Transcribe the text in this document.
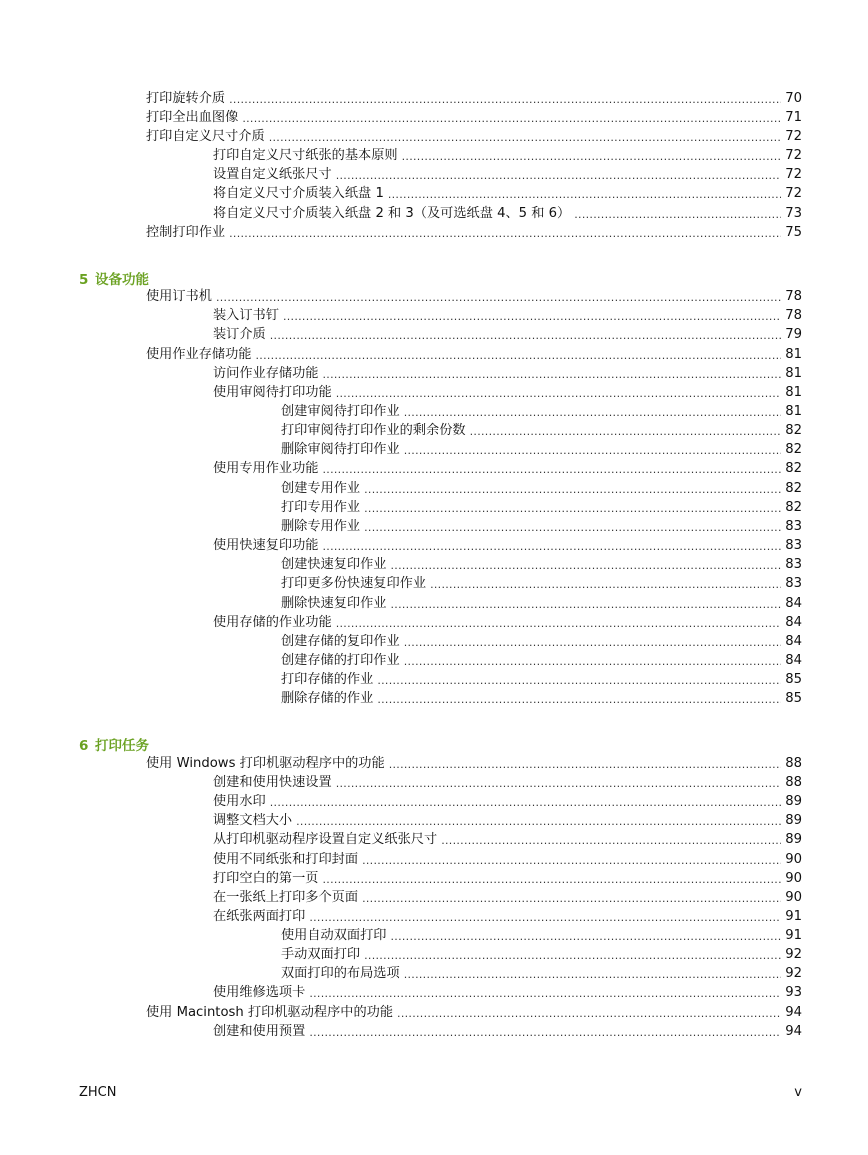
打印旋转介质 .....	70
打印全出血图像 .....	71
打印自定义尺寸介质 .....	72
打印自定义尺寸纸张的基本原则 .....	72
设置自定义纸张尺寸 .....	72
将自定义尺寸介质装入纸盘 1 .....	72
将自定义尺寸介质装入纸盘 2 和 3（及可选纸盘 4、5 和 6） .....	73
控制打印作业 .....	75
5 设备功能
使用订书机 .....	78
装入订书钉 .....	78
装订介质 .....	79
使用作业存储功能 .....	81
访问作业存储功能 .....	81
使用审阅待打印功能 .....	81
创建审阅待打印作业 .....	81
打印审阅待打印作业的剩余份数 .....	82
删除审阅待打印作业 .....	82
使用专用作业功能 .....	82
创建专用作业 .....	82
打印专用作业 .....	82
删除专用作业 .....	83
使用快速复印功能 .....	83
创建快速复印作业 .....	83
打印更多份快速复印作业 .....	83
删除快速复印作业 .....	84
使用存储的作业功能 .....	84
创建存储的复印作业 .....	84
创建存储的打印作业 .....	84
打印存储的作业 .....	85
删除存储的作业 .....	85
6 打印任务
使用 Windows 打印机驱动程序中的功能 .....	88
创建和使用快速设置 .....	88
使用水印 .....	89
调整文档大小 .....	89
从打印机驱动程序设置自定义纸张尺寸 .....	89
使用不同纸张和打印封面 .....	90
打印空白的第一页 .....	90
在一张纸上打印多个页面 .....	90
在纸张两面打印 .....	91
使用自动双面打印 .....	91
手动双面打印 .....	92
双面打印的布局选项 .....	92
使用维修选项卡 .....	93
使用 Macintosh 打印机驱动程序中的功能 .....	94
创建和使用预置 .....	94
ZHCN	v
